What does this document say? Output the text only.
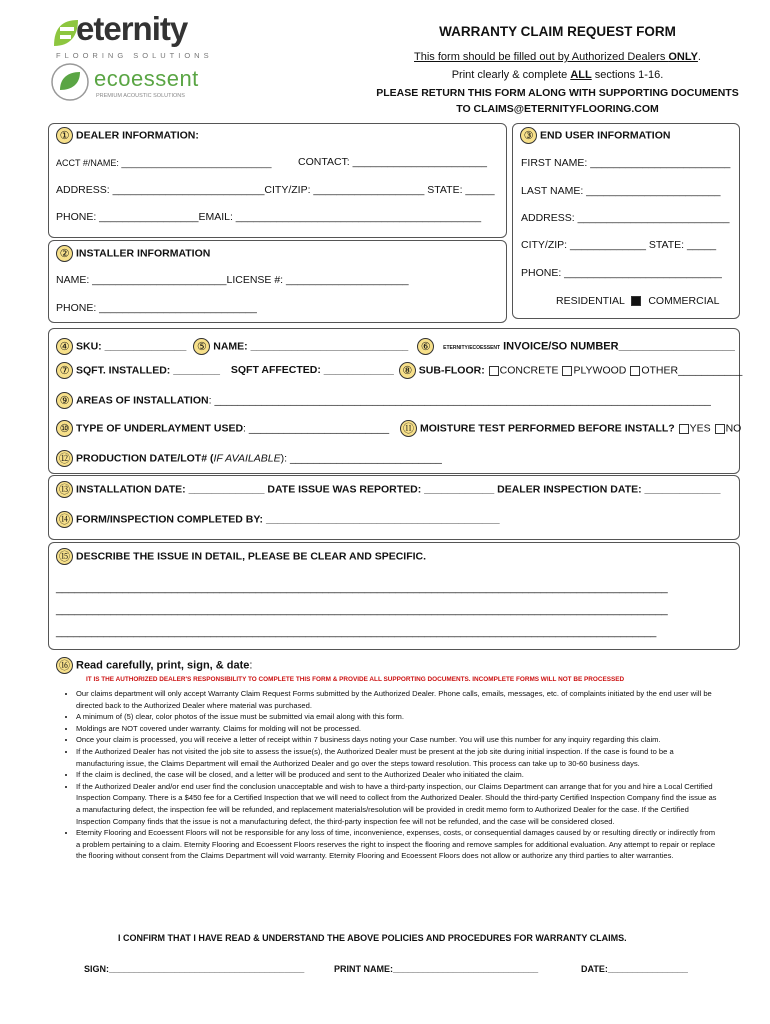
eternity
FLOORING SOLUTIONS
ecoessent
PREMIUM ACOUSTIC SOLUTIONS
WARRANTY CLAIM REQUEST FORM
This form should be filled out by Authorized Dealers ONLY.
Print clearly & complete ALL sections 1-16.
PLEASE RETURN THIS FORM ALONG WITH SUPPORTING DOCUMENTS
TO CLAIMS@ETERNITYFLOORING.COM
① DEALER INFORMATION:
ACCT #/NAME: ______________________________	CONTACT: _______________________
ADDRESS: __________________________CITY/ZIP: ___________________ STATE: _____
PHONE: _________________EMAIL: __________________________________________
③ END USER INFORMATION
FIRST NAME: ________________________
LAST NAME: _______________________
ADDRESS: __________________________
CITY/ZIP: _____________ STATE: _____
PHONE: ___________________________
RESIDENTIAL COMMERCIAL
② INSTALLER INFORMATION
NAME: _______________________LICENSE #: _____________________
PHONE: ___________________________
④ SKU: ______________ ⑤ NAME: ___________________________ ⑥ ETERNITY/ECOESSENT INVOICE/SO NUMBER___________________
⑦ SQFT. INSTALLED: ________ SQFT AFFECTED: ____________ ⑧ SUB-FLOOR: CONCRETE PLYWOOD OTHER___________
⑨ AREAS OF INSTALLATION: _____________________________________________________________________________________
⑩ TYPE OF UNDERLAYMENT USED: ________________________ ⑪ MOISTURE TEST PERFORMED BEFORE INSTALL? YES NO
⑫ PRODUCTION DATE/LOT# (IF AVAILABLE): __________________________
⑬ INSTALLATION DATE: _____________ DATE ISSUE WAS REPORTED: ____________ DEALER INSPECTION DATE: _____________
⑭ FORM/INSPECTION COMPLETED BY: ________________________________________
⑮ DESCRIBE THE ISSUE IN DETAIL, PLEASE BE CLEAR AND SPECIFIC.
_____________________________________________________________________________________________________
_____________________________________________________________________________________________________
_____________________________________________________________________________________________________
⑯ Read carefully, print, sign, & date:
IT IS THE AUTHORIZED DEALER'S RESPONSIBILITY TO COMPLETE THIS FORM & PROVIDE ALL SUPPORTING DOCUMENTS. INCOMPLETE FORMS WILL NOT BE PROCESSED
• Our claims department will only accept Warranty Claim Request Forms submitted by the Authorized Dealer. Phone calls, emails, messages, etc. of complaints initiated by the end user will be directed back to the Authorized Dealer where material was purchased.
• A minimum of (5) clear, color photos of the issue must be submitted via email along with this form.
• Moldings are NOT covered under warranty. Claims for molding will not be processed.
• Once your claim is processed, you will receive a letter of receipt within 7 business days noting your Case number. You will use this number for any inquiry regarding this claim.
• If the Authorized Dealer has not visited the job site to assess the issue(s), the Authorized Dealer must be present at the job site during initial inspection. If the case is found to be a manufacturing issue, the Claims Department will email the Authorized Dealer and go over the steps toward resolution. This process can take up to 30-60 business days.
• If the claim is declined, the case will be closed, and a letter will be produced and sent to the Authorized Dealer who initiated the claim.
• If the Authorized Dealer and/or end user find the conclusion unacceptable and wish to have a third-party inspection, our Claims Department can arrange that for you and hire a Local Certified Inspection Company. There is a $450 fee for a Certified Inspection that we will need to collect from the Authorized Dealer. Should the third-party Certified Inspection Company find the issue as a manufacturing defect, the inspection fee will be refunded, and replacement materials/resolution will be provided in credit memo form to Authorized Dealer for the case. If the Certified Inspection Company finds that the issue is not a manufacturing defect, the third-party inspection fee will not be refunded, and the case will be considered closed.
• Eternity Flooring and Ecoessent Floors will not be responsible for any loss of time, inconvenience, expenses, costs, or consequential damages caused by or resulting directly or indirectly from a problem pertaining to a claim. Eternity Flooring and Ecoessent Floors reserves the right to inspect the flooring and remove samples for additional evaluation. Any attempt to repair or replace the flooring without consent from the Claims Department will void warranty. Eternity Flooring and Ecoessent Floors does not allow or authorize any third parties to alter warranties.
I CONFIRM THAT I HAVE READ & UNDERSTAND THE ABOVE POLICIES AND PROCEDURES FOR WARRANTY CLAIMS.
SIGN:_______________________________________	PRINT NAME:_____________________________	DATE:________________
